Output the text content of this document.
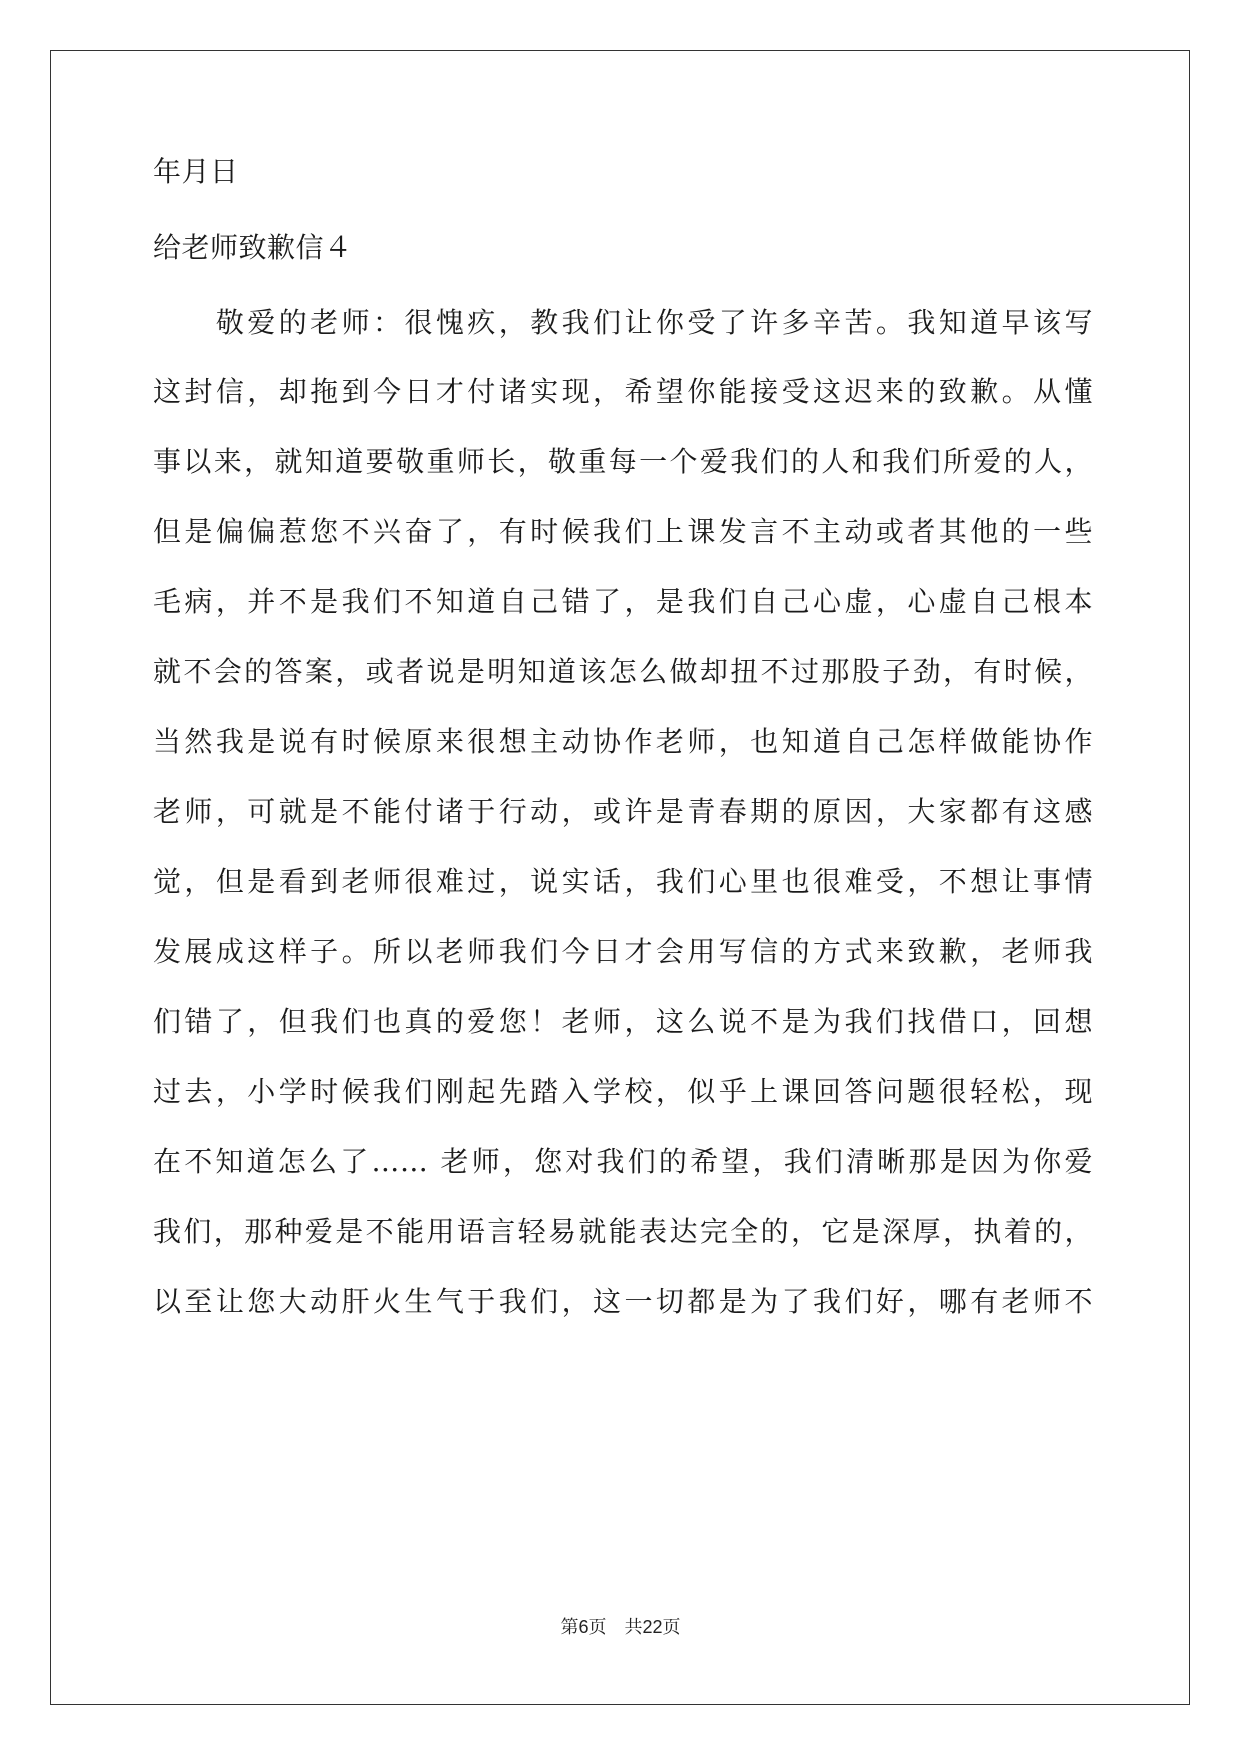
年月日
给老师致歉信４
　　敬爱的老师：很愧疚，教我们让你受了许多辛苦。我知道早该写
这封信，却拖到今日才付诸实现，希望你能接受这迟来的致歉。从懂
事以来，就知道要敬重师长，敬重每一个爱我们的人和我们所爱的人，
但是偏偏惹您不兴奋了，有时候我们上课发言不主动或者其他的一些
毛病，并不是我们不知道自己错了，是我们自己心虚，心虚自己根本
就不会的答案，或者说是明知道该怎么做却扭不过那股子劲，有时候，
当然我是说有时候原来很想主动协作老师，也知道自己怎样做能协作
老师，可就是不能付诸于行动，或许是青春期的原因，大家都有这感
觉，但是看到老师很难过，说实话，我们心里也很难受，不想让事情
发展成这样子。所以老师我们今日才会用写信的方式来致歉，老师我
们错了，但我们也真的爱您！老师，这么说不是为我们找借口，回想
过去，小学时候我们刚起先踏入学校，似乎上课回答问题很轻松，现
在不知道怎么了…… 老师，您对我们的希望，我们清晰那是因为你爱
我们，那种爱是不能用语言轻易就能表达完全的，它是深厚，执着的，
以至让您大动肝火生气于我们，这一切都是为了我们好，哪有老师不
第6页 共22页
